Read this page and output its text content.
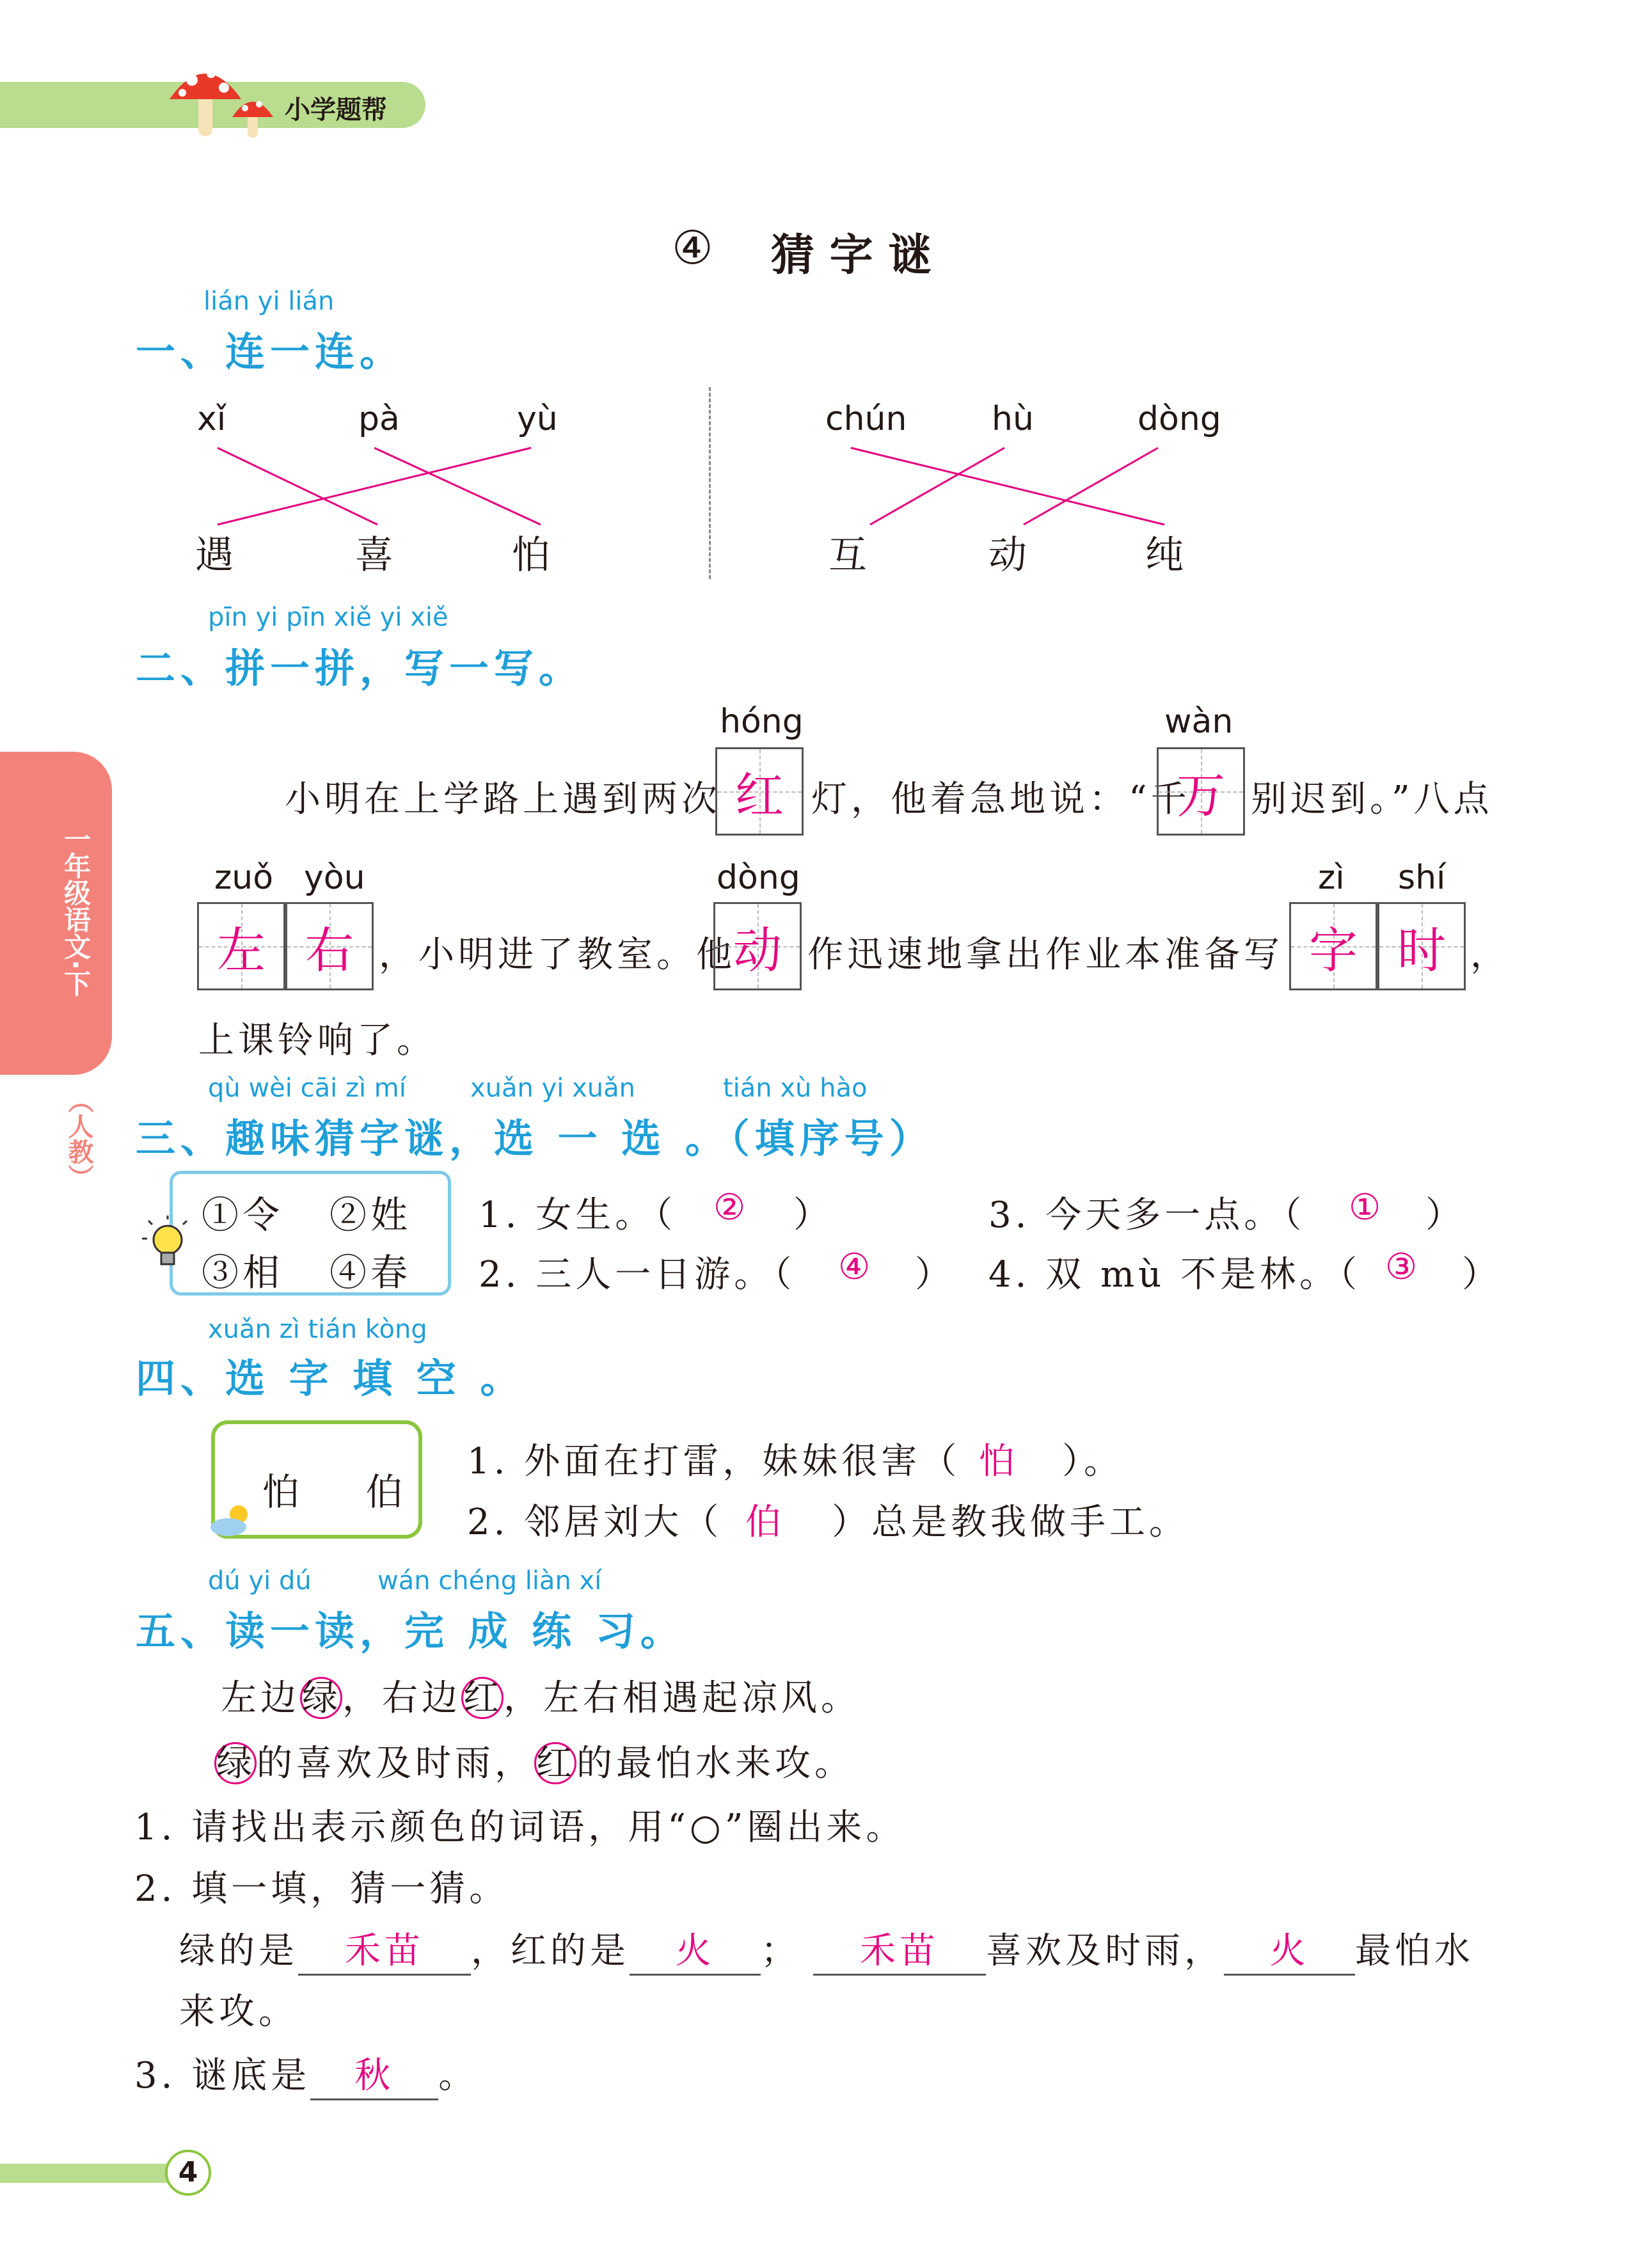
小学题帮
④ 猜 字 谜
一年级语文·下
（人教）
lián yi lián
一、连一连。
xǐ	pà	yù
遇	喜	怕
chún	hù	dòng
互	动	纯
pīn yi pīn xiě yi xiě
二、拼一拼，写一写。
hóng	wàn
小明在上学路上遇到两次 红 灯，他着急地说：“千
万 别迟到。”八点
zuǒ yòu	dòng	zì shí
左 右 ，小明进了教室。他
动 作迅速地拿出作业本准备写 字 时 ，
上课铃响了。
qù wèi cāi zì mí	xuǎn yi xuǎn	tián xù hào
三、趣味猜字谜，选 一 选 。（填序号）
①令 ②姓
③相 ④春
1. 女生。（ ② ）
2. 三人一日游。（ ④ ）
3. 今天多一点。（ ① ）
4. 双 mù 不是林。（ ③ ）
xuǎn zì tián kòng
四、选 字 填 空 。
怕    伯
1. 外面在打雷，妹妹很害（ 怕 ）。
2. 邻居刘大（ 伯 ）总是教我做手工。
dú yi dú	wán chéng liàn xí
五、读一读，完 成 练 习。
左边绿，右边红，左右相遇起凉风。
绿的喜欢及时雨，红的最怕水来攻。
1. 请找出表示颜色的词语，用“○”圈出来。
2. 填一填，猜一猜。
绿的是 禾苗 ，红的是 火 ； 禾苗 喜欢及时雨， 火 最怕水
来攻。
3. 谜底是 秋 。
4
